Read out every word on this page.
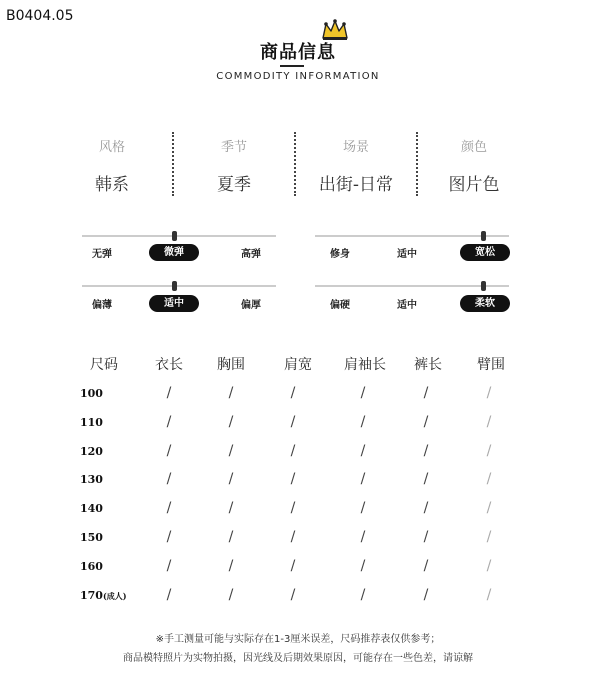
B0404.05
商品信息
COMMODITY INFORMATION
风格
韩系
季节
夏季
场景
出街-日常
颜色
图片色
无弹	微弹	高弹	修身	适中	宽松
偏薄	适中	偏厚	偏硬	适中	柔软
尺码	衣长	胸围	肩宽	肩袖长	裤长	臂围
100	/	/	/	/	/	/
110	/	/	/	/	/	/
120	/	/	/	/	/	/
130	/	/	/	/	/	/
140	/	/	/	/	/	/
150	/	/	/	/	/	/
160	/	/	/	/	/	/
170(成人)	/	/	/	/	/	/
※手工测量可能与实际存在1-3厘米误差，尺码推荐表仅供参考；
商品模特照片为实物拍摄，因光线及后期效果原因，可能存在一些色差，请谅解
